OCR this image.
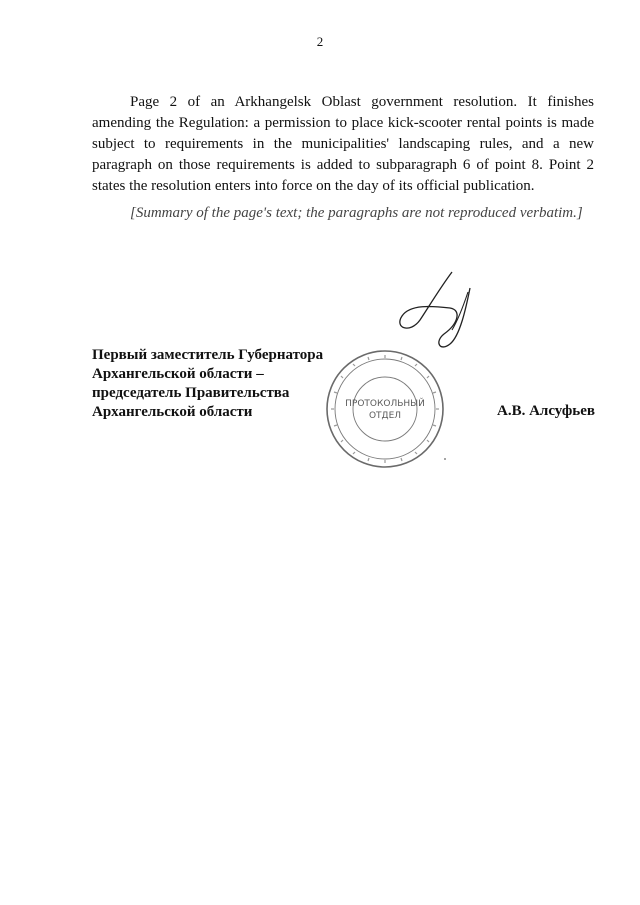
2

Page 2 of an Arkhangelsk Oblast government resolution. It finishes amending the Regulation: a permission to place kick-scooter rental points is made subject to requirements in the municipalities' landscaping rules, and a new paragraph on those requirements is added to subparagraph 6 of point 8. Point 2 states the resolution enters into force on the day of its official publication.

[Summary of the page's text; the paragraphs are not reproduced verbatim.]

Первый заместитель Губернатора
Архангельской области –
председатель Правительства
Архангельской области	ПРОТОКОЛЬНЫЙ
ОТДЕЛ	А.В. Алсуфьев
